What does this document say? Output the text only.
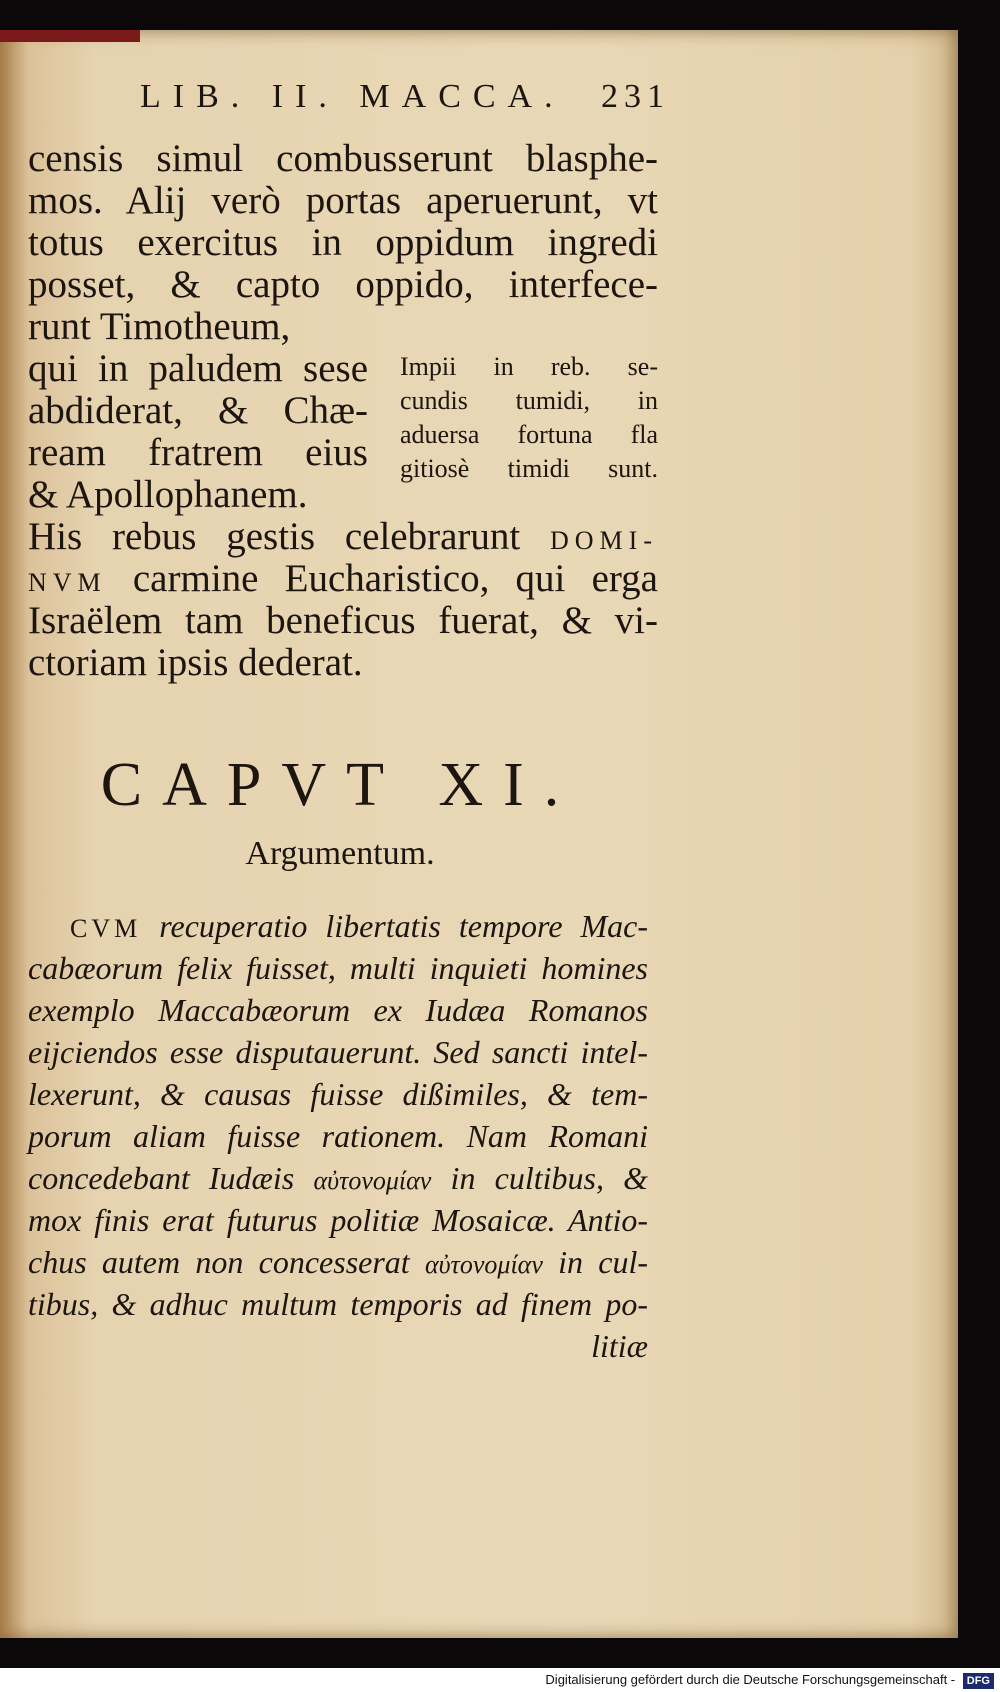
LIB. II. MACCA. 231
censis simul combusserunt blasphe-
mos. Alij verò portas aperuerunt, vt
totus exercitus in oppidum ingredi
posset, & capto oppido, interfece-
runt Timotheum,
qui in paludem sese
abdiderat, & Chæ-
ream fratrem eius
& Apollophanem.
Impii in reb. se-
cundis tumidi, in
aduersa fortuna fla
gitiosè timidi sunt.
His rebus gestis celebrarunt DOMI-
NVM carmine Eucharistico, qui erga
Israëlem tam beneficus fuerat, & vi-
ctoriam ipsis dederat.
CAPVT XI.
Argumentum.
CVM recuperatio libertatis tempore Mac-
cabæorum felix fuisset, multi inquieti homines
exemplo Maccabæorum ex Iudæa Romanos
eijciendos esse disputauerunt. Sed sancti intel-
lexerunt, & causas fuisse dißimiles, & tem-
porum aliam fuisse rationem. Nam Romani
concedebant Iudæis αὐτονομίαν in cultibus, &
mox finis erat futurus politiæ Mosaicæ. Antio-
chus autem non concesserat αὐτονομίαν in cul-
tibus, & adhuc multum temporis ad finem po-
litiæ
Digitalisierung gefördert durch die Deutsche Forschungsgemeinschaft - DFG
